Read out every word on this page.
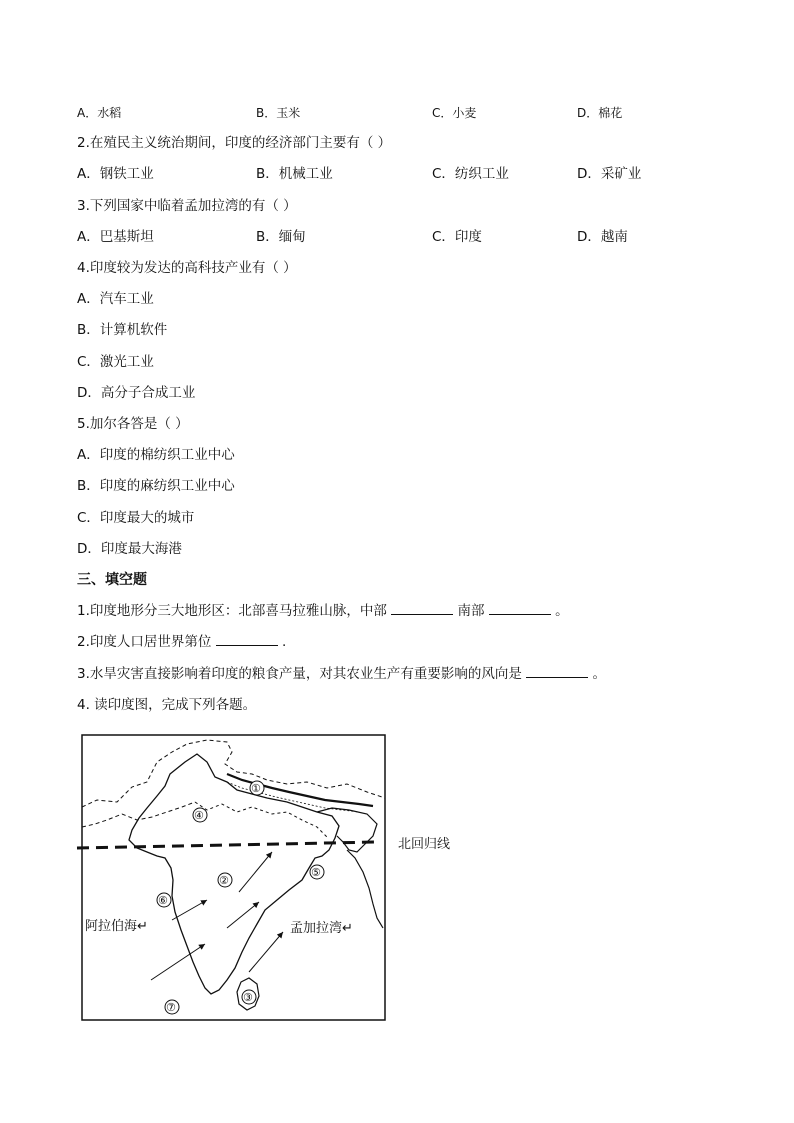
A．水稻	B．玉米	C．小麦	D．棉花
2.在殖民主义统治期间，印度的经济部门主要有（ ）
A．钢铁工业	B．机械工业	C．纺织工业	D．采矿业
3.下列国家中临着孟加拉湾的有（ ）
A．巴基斯坦	B．缅甸	C．印度	D．越南
4.印度较为发达的高科技产业有（ ）
A．汽车工业
B．计算机软件
C．激光工业
D．高分子合成工业
5.加尔各答是（ ）
A．印度的棉纺织工业中心
B．印度的麻纺织工业中心
C．印度最大的城市
D．印度最大海港
三、填空题
1.印度地形分三大地形区：北部喜马拉雅山脉，中部	南部	。
2.印度人口居世界第位	.
3.水旱灾害直接影响着印度的粮食产量，对其农业生产有重要影响的风向是	。
4. 读印度图，完成下列各题。
北回归线
①
②
③
④
⑤
⑥
⑦
阿拉伯海↵	孟加拉湾↵
